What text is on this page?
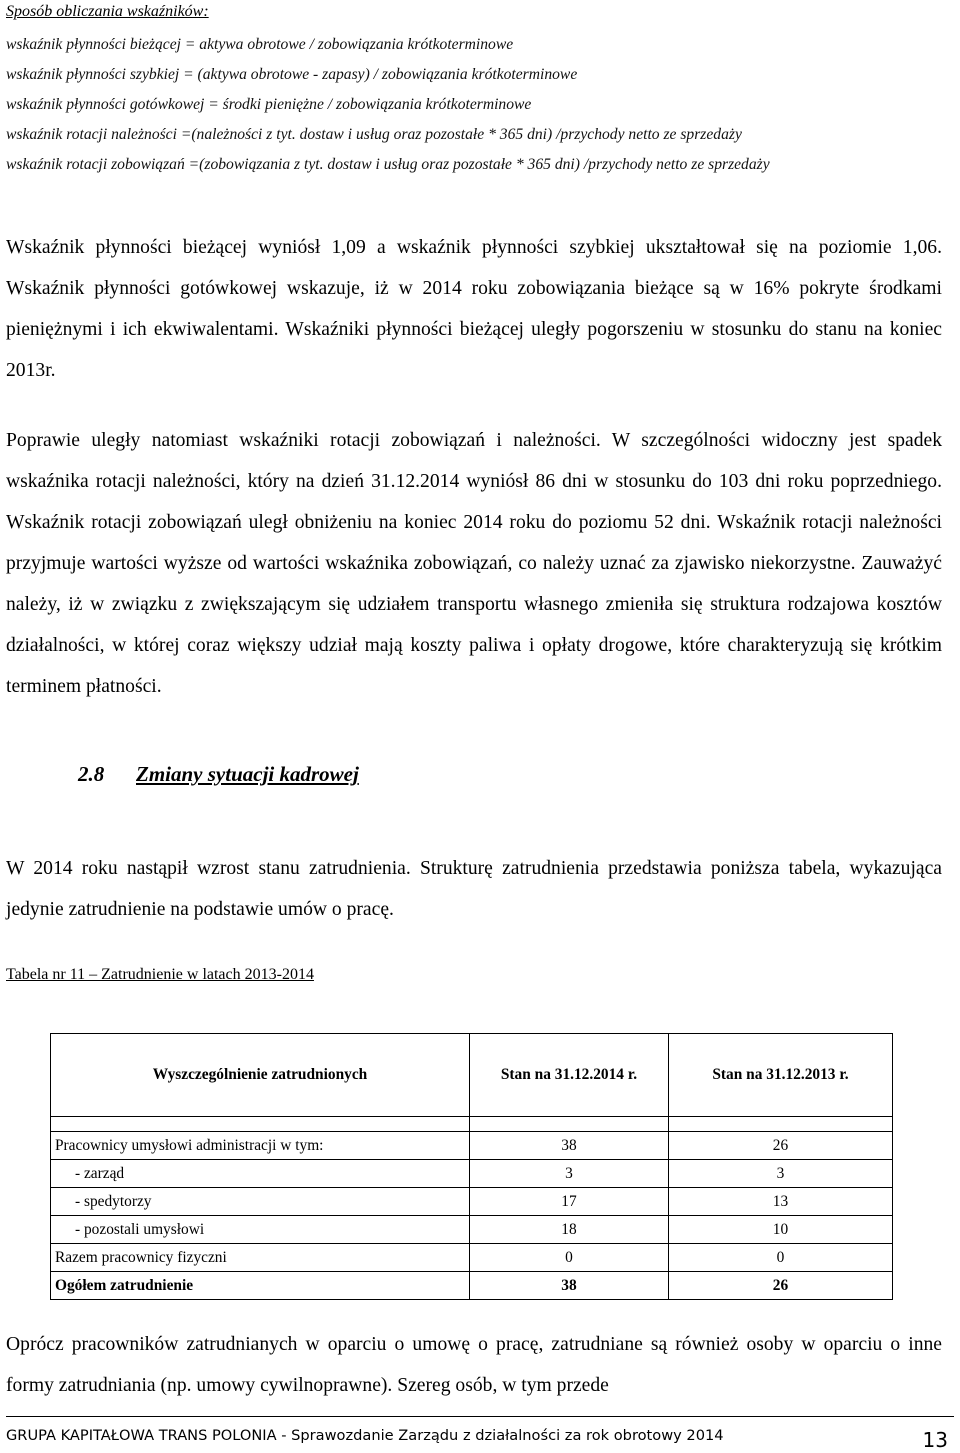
Sposób obliczania wskaźników:
wskaźnik płynności bieżącej = aktywa obrotowe / zobowiązania krótkoterminowe
wskaźnik płynności szybkiej = (aktywa obrotowe - zapasy) / zobowiązania krótkoterminowe
wskaźnik płynności gotówkowej = środki pieniężne / zobowiązania krótkoterminowe
wskaźnik rotacji należności =(należności z tyt. dostaw i usług oraz pozostałe * 365 dni) /przychody netto ze sprzedaży
wskaźnik rotacji zobowiązań =(zobowiązania z tyt. dostaw i usług oraz pozostałe * 365 dni) /przychody netto ze sprzedaży
Wskaźnik płynności bieżącej wyniósł 1,09 a wskaźnik płynności szybkiej ukształtował się na poziomie 1,06. Wskaźnik płynności gotówkowej wskazuje, iż w 2014 roku zobowiązania bieżące są w 16% pokryte środkami pieniężnymi i ich ekwiwalentami. Wskaźniki płynności bieżącej uległy pogorszeniu w stosunku do stanu na koniec 2013r.
Poprawie uległy natomiast wskaźniki rotacji zobowiązań i należności. W szczególności widoczny jest spadek wskaźnika rotacji należności, który na dzień 31.12.2014 wyniósł 86 dni w stosunku do 103 dni roku poprzedniego. Wskaźnik rotacji zobowiązań uległ obniżeniu na koniec 2014 roku do poziomu 52 dni. Wskaźnik rotacji należności przyjmuje wartości wyższe od wartości wskaźnika zobowiązań, co należy uznać za zjawisko niekorzystne. Zauważyć należy, iż w związku z zwiększającym się udziałem transportu własnego zmieniła się struktura rodzajowa kosztów działalności, w której coraz większy udział mają koszty paliwa i opłaty drogowe, które charakteryzują się krótkim terminem płatności.
2.8 Zmiany sytuacji kadrowej
W 2014 roku nastąpił wzrost stanu zatrudnienia. Strukturę zatrudnienia przedstawia poniższa tabela, wykazująca jedynie zatrudnienie na podstawie umów o pracę.
Tabela nr 11 – Zatrudnienie w latach 2013-2014
Wyszczególnienie zatrudnionych	Stan na 31.12.2014 r.	Stan na 31.12.2013 r.

Pracownicy umysłowi administracji w tym:	38	26
- zarząd	3	3
- spedytorzy	17	13
- pozostali umysłowi	18	10
Razem pracownicy fizyczni	0	0
Ogółem zatrudnienie	38	26
Oprócz pracowników zatrudnianych w oparciu o umowę o pracę, zatrudniane są również osoby w oparciu o inne formy zatrudniania (np. umowy cywilnoprawne). Szereg osób, w tym przede
GRUPA KAPITAŁOWA TRANS POLONIA - Sprawozdanie Zarządu z działalności za rok obrotowy 2014	13
